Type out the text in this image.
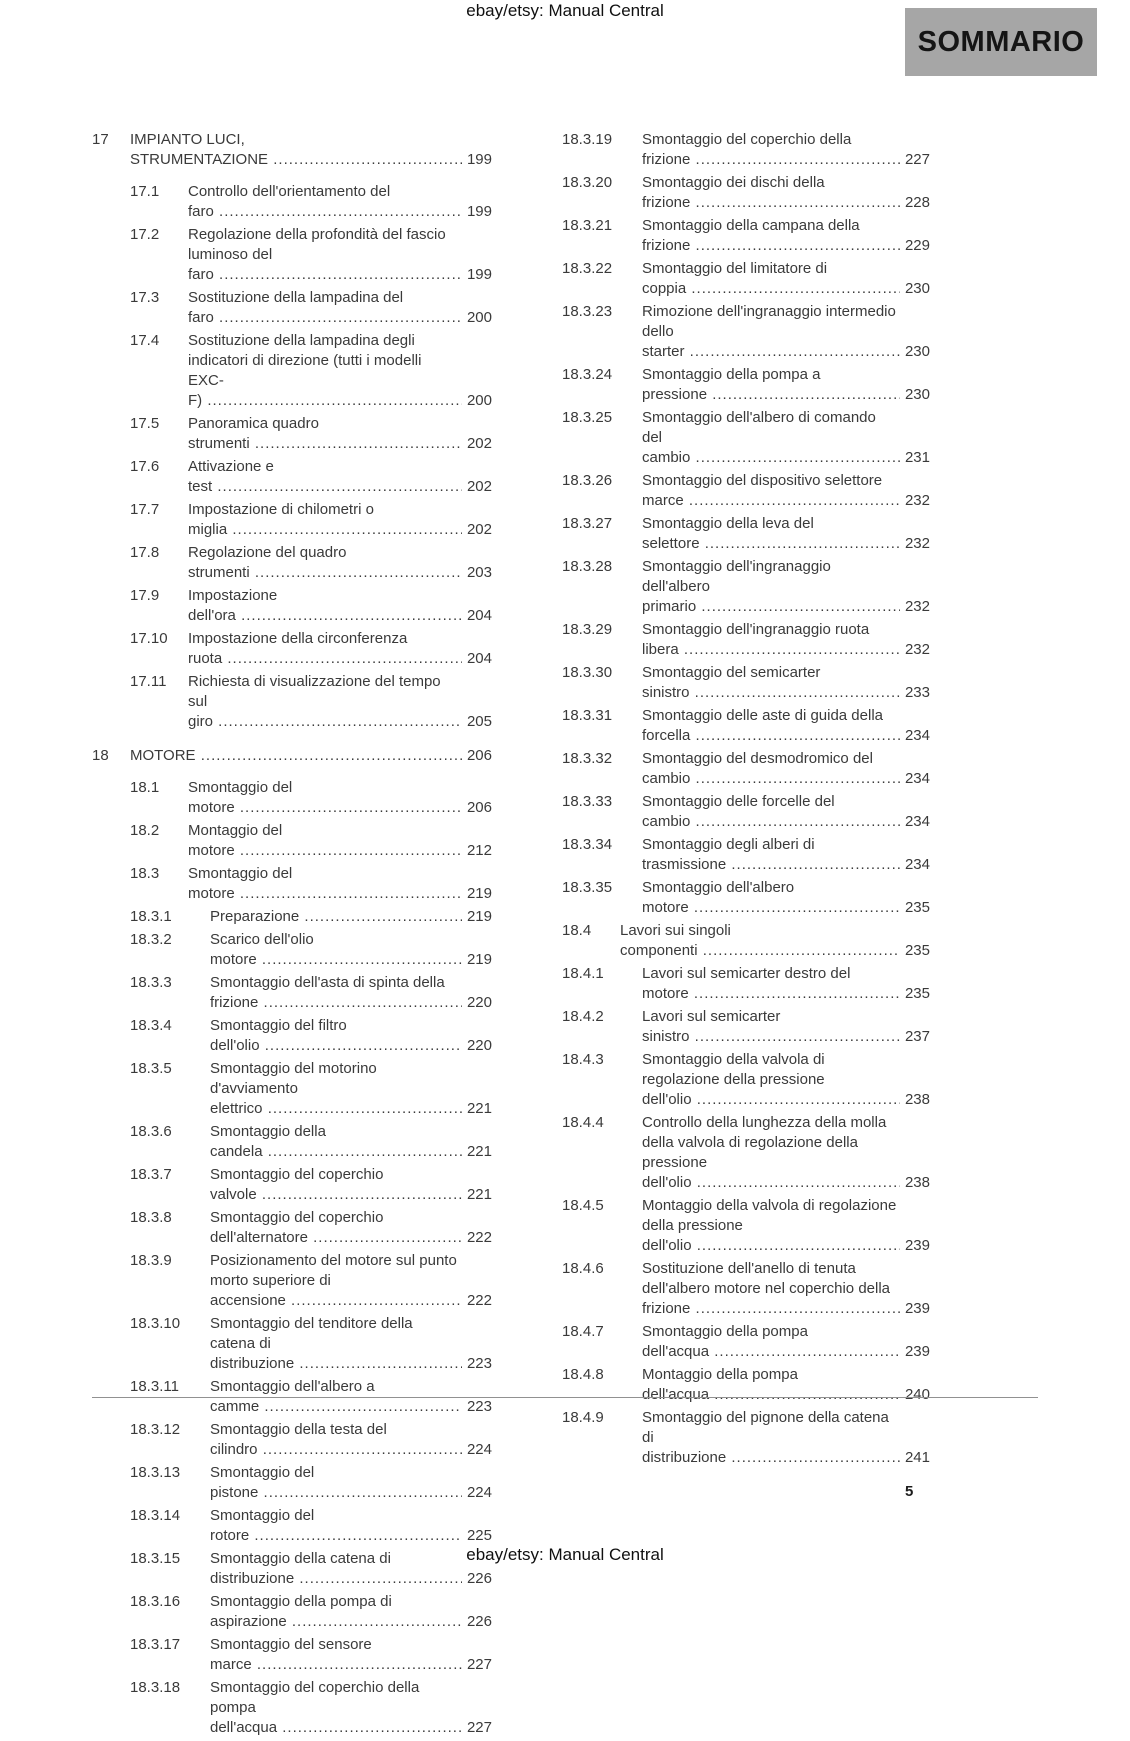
ebay/etsy: Manual Central
SOMMARIO
17	IMPIANTO LUCI, STRUMENTAZIONE .....	199
17.1	Controllo dell'orientamento del faro .....	199
17.2	Regolazione della profondità del fascio luminoso del faro .....	199
17.3	Sostituzione della lampadina del faro .....	200
17.4	Sostituzione della lampadina degli indicatori di direzione (tutti i modelli EXC-F) .....	200
17.5	Panoramica quadro strumenti .....	202
17.6	Attivazione e test .....	202
17.7	Impostazione di chilometri o miglia .....	202
17.8	Regolazione del quadro strumenti .....	203
17.9	Impostazione dell'ora .....	204
17.10	Impostazione della circonferenza ruota .....	204
17.11	Richiesta di visualizzazione del tempo sul giro .....	205
18	MOTORE .....	206
18.1	Smontaggio del motore .....	206
18.2	Montaggio del motore .....	212
18.3	Smontaggio del motore .....	219
18.3.1	Preparazione .....	219
18.3.2	Scarico dell'olio motore .....	219
18.3.3	Smontaggio dell'asta di spinta della frizione .....	220
18.3.4	Smontaggio del filtro dell'olio .....	220
18.3.5	Smontaggio del motorino d'avviamento elettrico .....	221
18.3.6	Smontaggio della candela .....	221
18.3.7	Smontaggio del coperchio valvole .....	221
18.3.8	Smontaggio del coperchio dell'alternatore .....	222
18.3.9	Posizionamento del motore sul punto morto superiore di accensione .....	222
18.3.10	Smontaggio del tenditore della catena di distribuzione .....	223
18.3.11	Smontaggio dell'albero a camme .....	223
18.3.12	Smontaggio della testa del cilindro .....	224
18.3.13	Smontaggio del pistone .....	224
18.3.14	Smontaggio del rotore .....	225
18.3.15	Smontaggio della catena di distribuzione .....	226
18.3.16	Smontaggio della pompa di aspirazione .....	226
18.3.17	Smontaggio del sensore marce .....	227
18.3.18	Smontaggio del coperchio della pompa dell'acqua .....	227
18.3.19	Smontaggio del coperchio della frizione .....	227
18.3.20	Smontaggio dei dischi della frizione .....	228
18.3.21	Smontaggio della campana della frizione .....	229
18.3.22	Smontaggio del limitatore di coppia .....	230
18.3.23	Rimozione dell'ingranaggio intermedio dello starter .....	230
18.3.24	Smontaggio della pompa a pressione .....	230
18.3.25	Smontaggio dell'albero di comando del cambio .....	231
18.3.26	Smontaggio del dispositivo selettore marce .....	232
18.3.27	Smontaggio della leva del selettore .....	232
18.3.28	Smontaggio dell'ingranaggio dell'albero primario .....	232
18.3.29	Smontaggio dell'ingranaggio ruota libera .....	232
18.3.30	Smontaggio del semicarter sinistro .....	233
18.3.31	Smontaggio delle aste di guida della forcella .....	234
18.3.32	Smontaggio del desmodromico del cambio .....	234
18.3.33	Smontaggio delle forcelle del cambio .....	234
18.3.34	Smontaggio degli alberi di trasmissione .....	234
18.3.35	Smontaggio dell'albero motore .....	235
18.4	Lavori sui singoli componenti .....	235
18.4.1	Lavori sul semicarter destro del motore .....	235
18.4.2	Lavori sul semicarter sinistro .....	237
18.4.3	Smontaggio della valvola di regolazione della pressione dell'olio .....	238
18.4.4	Controllo della lunghezza della molla della valvola di regolazione della pressione dell'olio .....	238
18.4.5	Montaggio della valvola di regolazione della pressione dell'olio .....	239
18.4.6	Sostituzione dell'anello di tenuta dell'albero motore nel coperchio della frizione .....	239
18.4.7	Smontaggio della pompa dell'acqua .....	239
18.4.8	Montaggio della pompa dell'acqua .....	240
18.4.9	Smontaggio del pignone della catena di distribuzione .....	241
5
ebay/etsy: Manual Central
